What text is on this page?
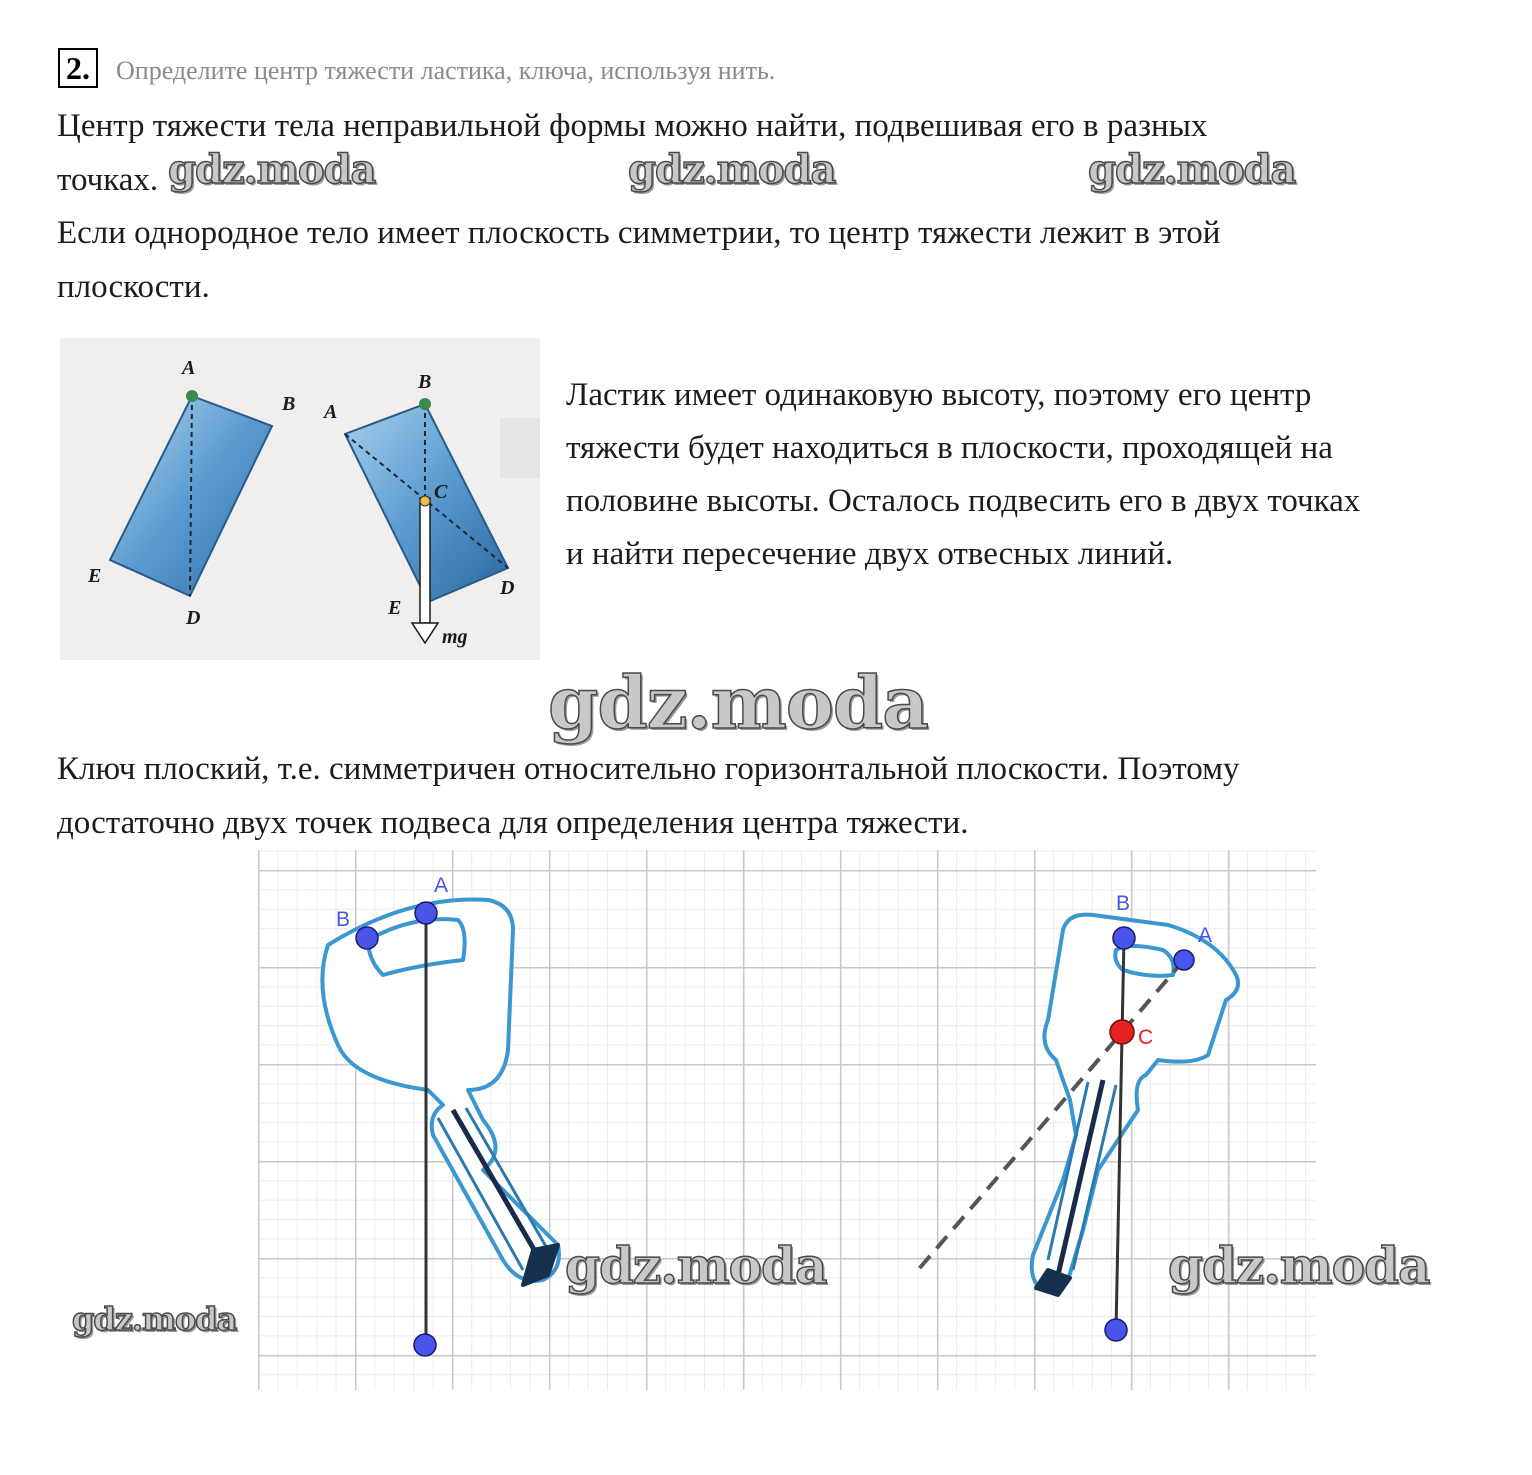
2.	Определите центр тяжести ластика, ключа, используя нить.
Центр тяжести тела неправильной формы можно найти, подвешивая его в разных
точках.
Если однородное тело имеет плоскость симметрии, то центр тяжести лежит в этой
плоскости.
gdz.moda	gdz.moda	gdz.moda
A
B
E
D
A
B
C
E
D
mg⃗
Ластик имеет одинаковую высоту, поэтому его центр
тяжести будет находиться в плоскости, проходящей на
половине высоты. Осталось подвесить его в двух точках
и найти пересечение двух отвесных линий.
Ключ плоский, т.е. симметричен относительно горизонтальной плоскости. Поэтому
достаточно двух точек подвеса для определения центра тяжести.
gdz.moda
A
B
B
A
C
gdz.moda	gdz.moda
gdz.moda
